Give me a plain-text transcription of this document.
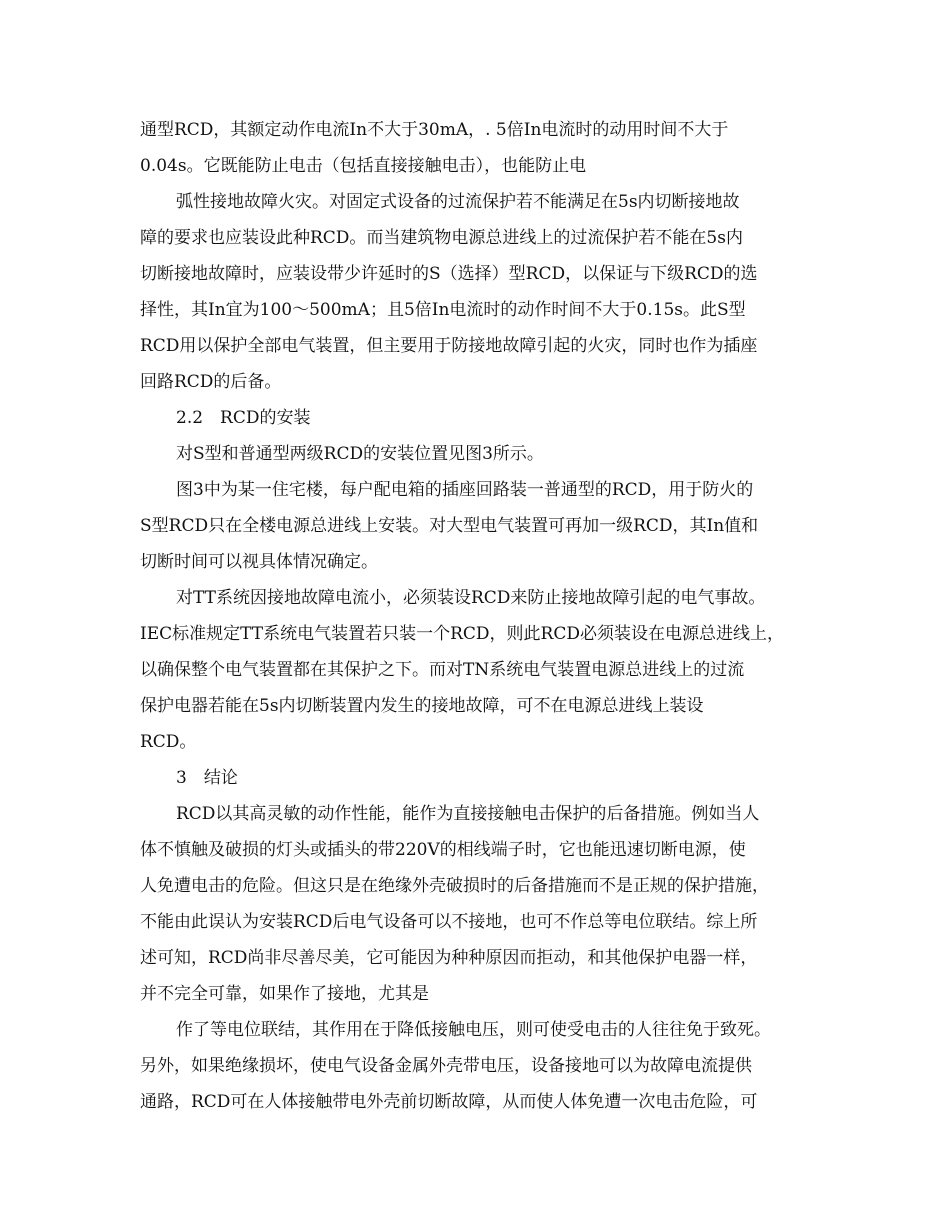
通型RCD，其额定动作电流In不大于30mA，. 5倍In电流时的动用时间不大于
0.04s。它既能防止电击（包括直接接触电击），也能防止电
弧性接地故障火灾。对固定式设备的过流保护若不能满足在5s内切断接地故
障的要求也应装设此种RCD。而当建筑物电源总进线上的过流保护若不能在5s内
切断接地故障时，应装设带少许延时的S（选择）型RCD，以保证与下级RCD的选
择性，其In宜为100～500mA；且5倍In电流时的动作时间不大于0.15s。此S型
RCD用以保护全部电气装置，但主要用于防接地故障引起的火灾，同时也作为插座
回路RCD的后备。
2.2　RCD的安装
对S型和普通型两级RCD的安装位置见图3所示。
图3中为某一住宅楼，每户配电箱的插座回路装一普通型的RCD，用于防火的
S型RCD只在全楼电源总进线上安装。对大型电气装置可再加一级RCD，其In值和
切断时间可以视具体情况确定。
对TT系统因接地故障电流小，必须装设RCD来防止接地故障引起的电气事故。
IEC标准规定TT系统电气装置若只装一个RCD，则此RCD必须装设在电源总进线上，
以确保整个电气装置都在其保护之下。而对TN系统电气装置电源总进线上的过流
保护电器若能在5s内切断装置内发生的接地故障，可不在电源总进线上装设
RCD。
3　结论
RCD以其高灵敏的动作性能，能作为直接接触电击保护的后备措施。例如当人
体不慎触及破损的灯头或插头的带220V的相线端子时，它也能迅速切断电源，使
人免遭电击的危险。但这只是在绝缘外壳破损时的后备措施而不是正规的保护措施，
不能由此误认为安装RCD后电气设备可以不接地，也可不作总等电位联结。综上所
述可知，RCD尚非尽善尽美，它可能因为种种原因而拒动，和其他保护电器一样，
并不完全可靠，如果作了接地，尤其是
作了等电位联结，其作用在于降低接触电压，则可使受电击的人往往免于致死。
另外，如果绝缘损坏，使电气设备金属外壳带电压，设备接地可以为故障电流提供
通路，RCD可在人体接触带电外壳前切断故障，从而使人体免遭一次电击危险，可
